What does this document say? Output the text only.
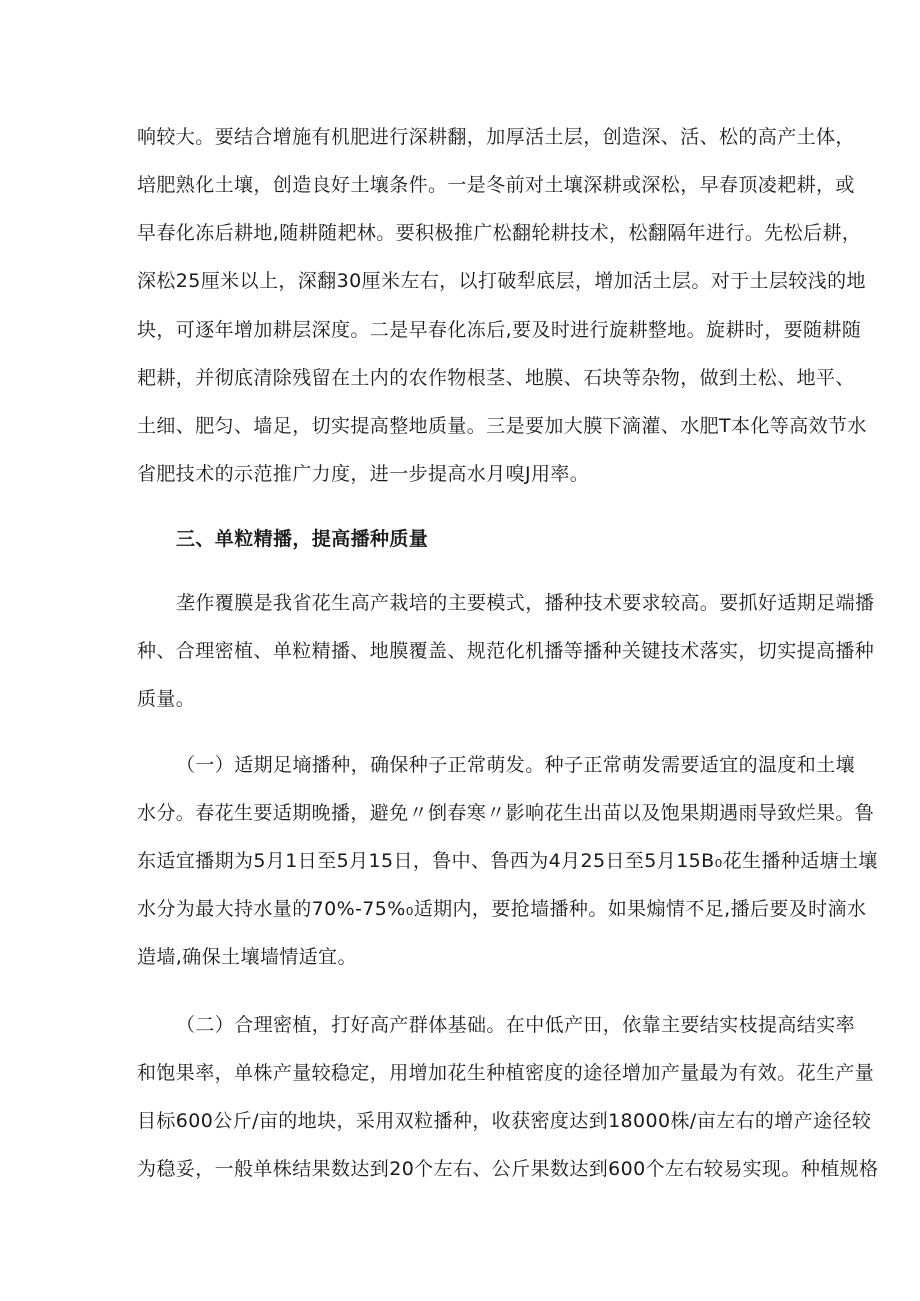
响较大。要结合增施有机肥进行深耕翻，加厚活土层，创造深、活、松的高产土体，
培肥熟化土壤，创造良好土壤条件。一是冬前对土壤深耕或深松，早春顶凌耙耕，或
早春化冻后耕地,随耕随耙林。要积极推广松翻轮耕技术，松翻隔年进行。先松后耕，
深松25厘米以上，深翻30厘米左右，以打破犁底层，增加活土层。对于土层较浅的地
块，可逐年增加耕层深度。二是早春化冻后,要及时进行旋耕整地。旋耕时，要随耕随
耙耕，并彻底清除残留在土内的农作物根茎、地膜、石块等杂物，做到土松、地平、
土细、肥匀、墙足，切实提高整地质量。三是要加大膜下滴灌、水肥T本化等高效节水
省肥技术的示范推广力度，进一步提高水月嗅J用率。
三、单粒精播，提高播种质量
垄作覆膜是我省花生高产栽培的主要模式，播种技术要求较高。要抓好适期足端播
种、合理密植、单粒精播、地膜覆盖、规范化机播等播种关键技术落实，切实提高播种
质量。
（一）适期足墒播种，确保种子正常萌发。种子正常萌发需要适宜的温度和土壤
水分。春花生要适期晚播，避免〃倒春寒〃影响花生出苗以及饱果期遇雨导致烂果。鲁
东适宜播期为5月1日至5月15日，鲁中、鲁西为4月25日至5月15B₀花生播种适塘土壤
水分为最大持水量的70%-75%₀适期内，要抢墙播种。如果煽情不足,播后要及时滴水
造墙,确保土壤墙情适宜。
（二）合理密植，打好高产群体基础。在中低产田，依靠主要结实枝提高结实率
和饱果率，单株产量较稳定，用增加花生种植密度的途径增加产量最为有效。花生产量
目标600公斤/亩的地块，采用双粒播种，收获密度达到18000株/亩左右的增产途径较
为稳妥，一般单株结果数达到20个左右、公斤果数达到600个左右较易实现。种植规格
